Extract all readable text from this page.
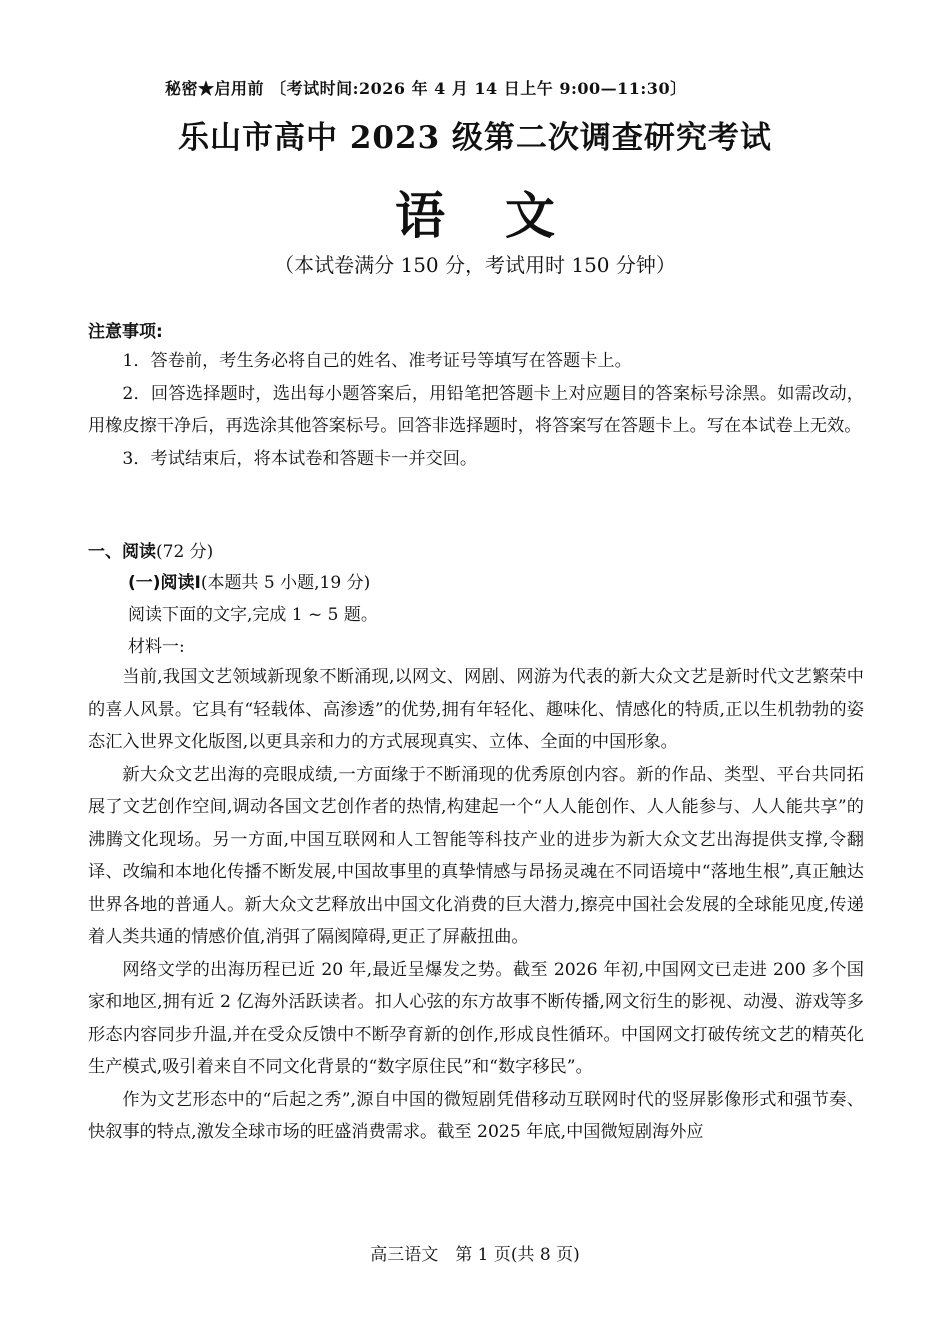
秘密★启用前 〔考试时间:2026 年 4 月 14 日上午 9:00—11:30〕
乐山市高中 2023 级第二次调查研究考试
语文
（本试卷满分 150 分，考试用时 150 分钟）
注意事项:

1．答卷前，考生务必将自己的姓名、准考证号等填写在答题卡上。

2．回答选择题时，选出每小题答案后，用铅笔把答题卡上对应题目的答案标号涂黑。如需改动，用橡皮擦干净后，再选涂其他答案标号。回答非选择题时，将答案写在答题卡上。写在本试卷上无效。

3．考试结束后，将本试卷和答题卡一并交回。

一、阅读(72 分)
(一)阅读Ⅰ(本题共 5 小题,19 分)
阅读下面的文字,完成 1 ~ 5 题。
材料一:

当前,我国文艺领域新现象不断涌现,以网文、网剧、网游为代表的新大众文艺是新时代文艺繁荣中的喜人风景。它具有“轻载体、高渗透”的优势,拥有年轻化、趣味化、情感化的特质,正以生机勃勃的姿态汇入世界文化版图,以更具亲和力的方式展现真实、立体、全面的中国形象。

新大众文艺出海的亮眼成绩,一方面缘于不断涌现的优秀原创内容。新的作品、类型、平台共同拓展了文艺创作空间,调动各国文艺创作者的热情,构建起一个“人人能创作、人人能参与、人人能共享”的沸腾文化现场。另一方面,中国互联网和人工智能等科技产业的进步为新大众文艺出海提供支撑,令翻译、改编和本地化传播不断发展,中国故事里的真挚情感与昂扬灵魂在不同语境中“落地生根”,真正触达世界各地的普通人。新大众文艺释放出中国文化消费的巨大潜力,擦亮中国社会发展的全球能见度,传递着人类共通的情感价值,消弭了隔阂障碍,更正了屏蔽扭曲。

网络文学的出海历程已近 20 年,最近呈爆发之势。截至 2026 年初,中国网文已走进 200 多个国家和地区,拥有近 2 亿海外活跃读者。扣人心弦的东方故事不断传播,网文衍生的影视、动漫、游戏等多形态内容同步升温,并在受众反馈中不断孕育新的创作,形成良性循环。中国网文打破传统文艺的精英化生产模式,吸引着来自不同文化背景的“数字原住民”和“数字移民”。

作为文艺形态中的“后起之秀”,源自中国的微短剧凭借移动互联网时代的竖屏影像形式和强节奏、快叙事的特点,激发全球市场的旺盛消费需求。截至 2025 年底,中国微短剧海外应

高三语文　第 1 页(共 8 页)
